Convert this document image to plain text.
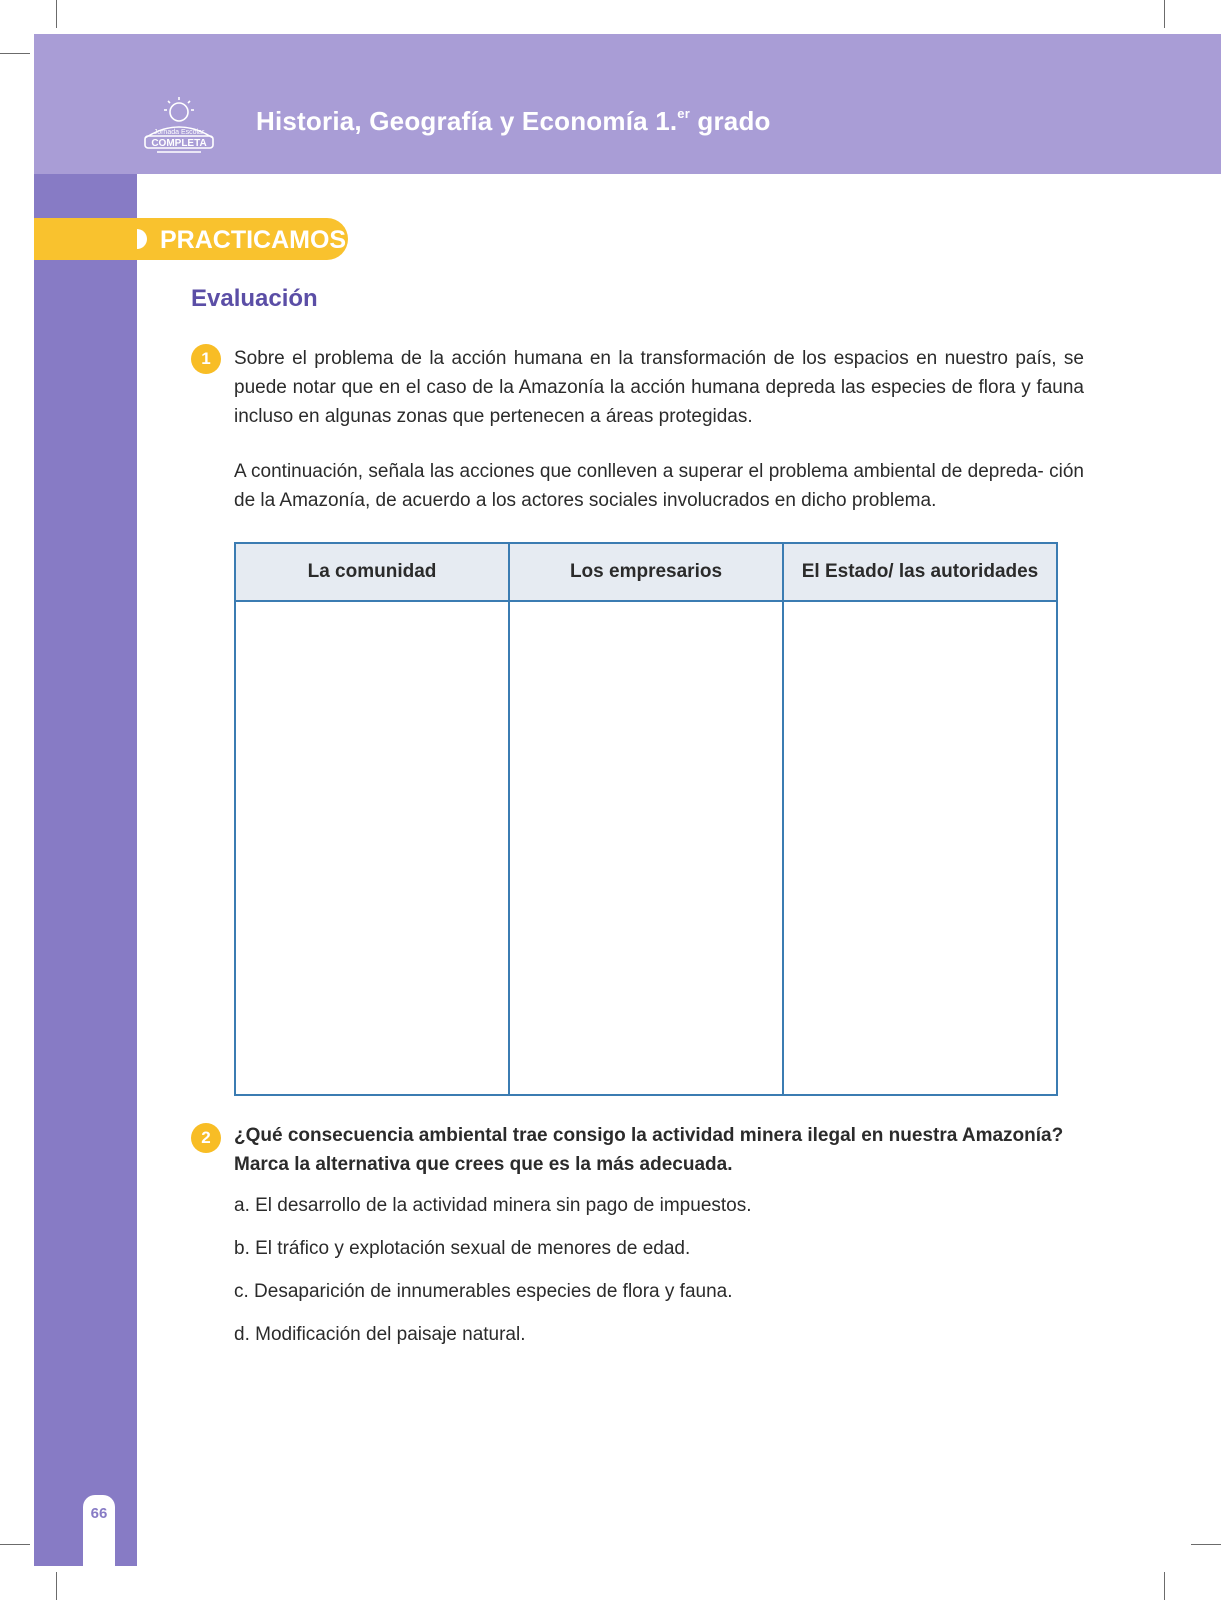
Jornada Escolar
COMPLETA
Historia, Geografía y Economía 1.$^{er}$ grado
66
PRACTICAMOS
Evaluación
1	Sobre el problema de la acción humana en la transformación de los espacios en nuestro país, se puede notar que en el caso de la Amazonía la acción humana depreda las especies de flora y fauna incluso en algunas zonas que pertenecen a áreas protegidas.
A continuación, señala las acciones que conlleven a superar el problema ambiental de depreda- ción de la Amazonía, de acuerdo a los actores sociales involucrados en dicho problema.
La comunidad	Los empresarios	El Estado/ las autoridades

2	¿Qué consecuencia ambiental trae consigo la actividad minera ilegal en nuestra Amazonía? Marca la alternativa que crees que es la más adecuada.
a. El desarrollo de la actividad minera sin pago de impuestos.
b. El tráfico y explotación sexual de menores de edad.
c. Desaparición de innumerables especies de flora y fauna.
d. Modificación del paisaje natural.
